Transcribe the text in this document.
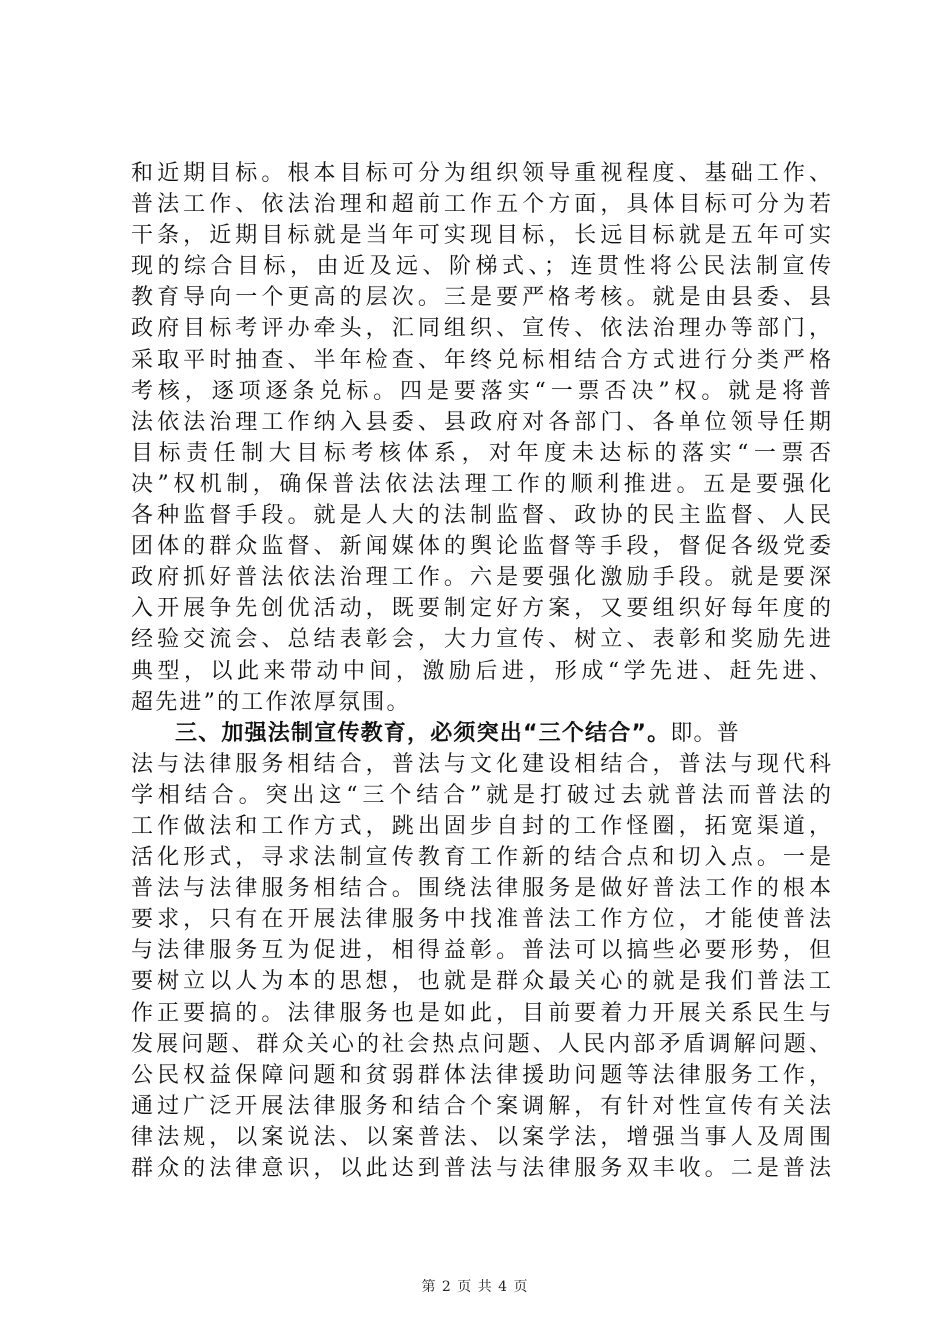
和近期目标。根本目标可分为组织领导重视程度、基础工作、
普法工作、依法治理和超前工作五个方面，具体目标可分为若
干条，近期目标就是当年可实现目标，长远目标就是五年可实
现的综合目标，由近及远、阶梯式、；连贯性将公民法制宣传
教育导向一个更高的层次。三是要严格考核。就是由县委、县
政府目标考评办牵头，汇同组织、宣传、依法治理办等部门，
采取平时抽查、半年检查、年终兑标相结合方式进行分类严格
考核，逐项逐条兑标。四是要落实“一票否决”权。就是将普
法依法治理工作纳入县委、县政府对各部门、各单位领导任期
目标责任制大目标考核体系，对年度未达标的落实“一票否
决”权机制，确保普法依法法理工作的顺利推进。五是要强化
各种监督手段。就是人大的法制监督、政协的民主监督、人民
团体的群众监督、新闻媒体的舆论监督等手段，督促各级党委
政府抓好普法依法治理工作。六是要强化激励手段。就是要深
入开展争先创优活动，既要制定好方案，又要组织好每年度的
经验交流会、总结表彰会，大力宣传、树立、表彰和奖励先进
典型，以此来带动中间，激励后进，形成“学先进、赶先进、
超先进”的工作浓厚氛围。
三、加强法制宣传教育，必须突出“三个结合”。即。普
法与法律服务相结合，普法与文化建设相结合，普法与现代科
学相结合。突出这“三个结合”就是打破过去就普法而普法的
工作做法和工作方式，跳出固步自封的工作怪圈，拓宽渠道，
活化形式，寻求法制宣传教育工作新的结合点和切入点。一是
普法与法律服务相结合。围绕法律服务是做好普法工作的根本
要求，只有在开展法律服务中找准普法工作方位，才能使普法
与法律服务互为促进，相得益彰。普法可以搞些必要形势，但
要树立以人为本的思想，也就是群众最关心的就是我们普法工
作正要搞的。法律服务也是如此，目前要着力开展关系民生与
发展问题、群众关心的社会热点问题、人民内部矛盾调解问题、
公民权益保障问题和贫弱群体法律援助问题等法律服务工作，
通过广泛开展法律服务和结合个案调解，有针对性宣传有关法
律法规，以案说法、以案普法、以案学法，增强当事人及周围
群众的法律意识，以此达到普法与法律服务双丰收。二是普法
第 2 页 共 4 页
